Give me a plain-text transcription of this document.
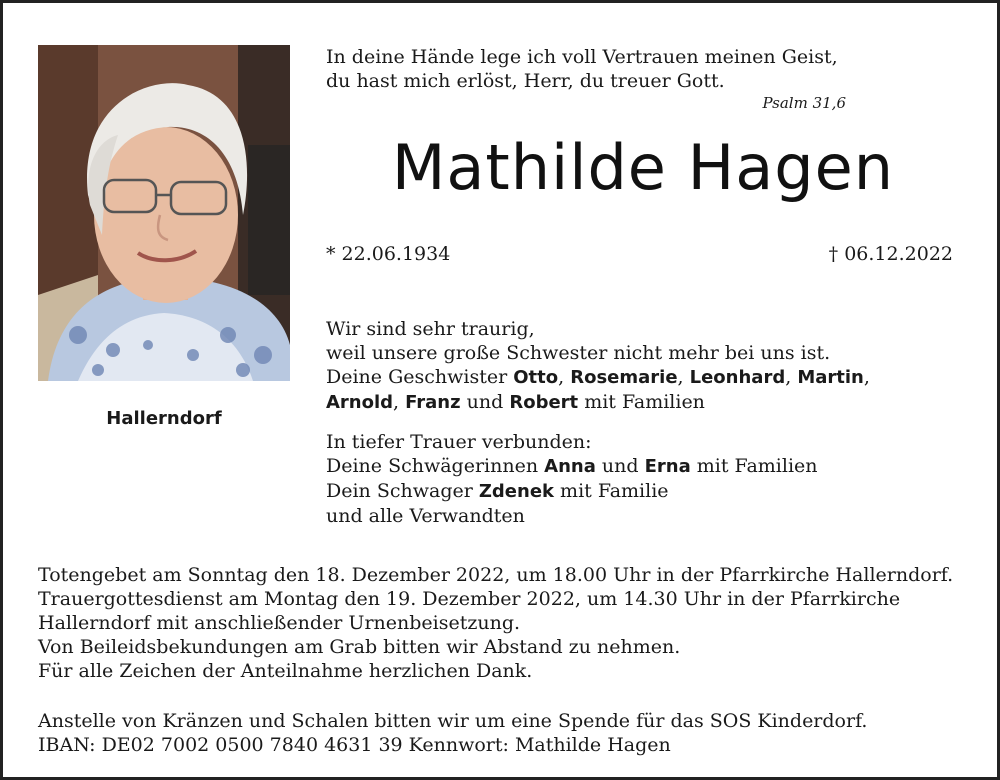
Hallerndorf
In deine Hände lege ich voll Vertrauen meinen Geist,
du hast mich erlöst, Herr, du treuer Gott.
Psalm 31,6
Mathilde Hagen
* 22.06.1934	† 06.12.2022
Wir sind sehr traurig,
weil unsere große Schwester nicht mehr bei uns ist.
Deine Geschwister Otto, Rosemarie, Leonhard, Martin,
Arnold, Franz und Robert mit Familien
In tiefer Trauer verbunden:
Deine Schwägerinnen Anna und Erna mit Familien
Dein Schwager Zdenek mit Familie
und alle Verwandten
Totengebet am Sonntag den 18. Dezember 2022, um 18.00 Uhr in der Pfarrkirche Hallerndorf.
Trauergottesdienst am Montag den 19. Dezember 2022, um 14.30 Uhr in der Pfarrkirche
Hallerndorf mit anschließender Urnenbeisetzung.
Von Beileidsbekundungen am Grab bitten wir Abstand zu nehmen.
Für alle Zeichen der Anteilnahme herzlichen Dank.
Anstelle von Kränzen und Schalen bitten wir um eine Spende für das SOS Kinderdorf.
IBAN: DE02 7002 0500 7840 4631 39 Kennwort: Mathilde Hagen
